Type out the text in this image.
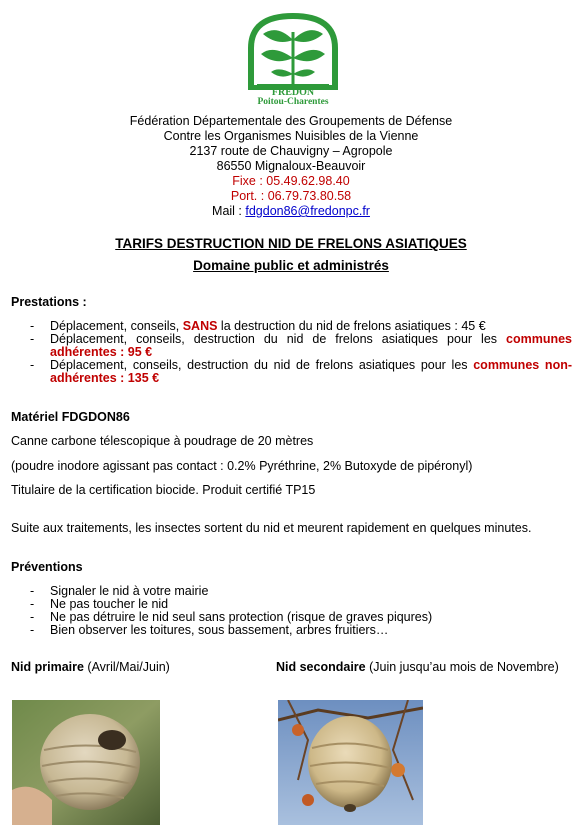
FREDON
Poitou-Charentes
Fédération Départementale des Groupements de Défense
Contre les Organismes Nuisibles de la Vienne
2137 route de Chauvigny – Agropole
86550 Mignaloux-Beauvoir
Fixe : 05.49.62.98.40
Port. : 06.79.73.80.58
Mail : fdgdon86@fredonpc.fr
TARIFS DESTRUCTION NID DE FRELONS ASIATIQUES
Domaine public et administrés
Prestations :
- Déplacement, conseils, SANS la destruction du nid de frelons asiatiques : 45 €
- Déplacement, conseils, destruction du nid de frelons asiatiques pour les communes adhérentes : 95 €
- Déplacement, conseils, destruction du nid de frelons asiatiques pour les communes non-adhérentes : 135 €
Matériel FDGDON86
Canne carbone télescopique à poudrage de 20 mètres
(poudre inodore agissant pas contact : 0.2% Pyréthrine, 2% Butoxyde de pipéronyl)
Titulaire de la certification biocide. Produit certifié TP15
Suite aux traitements, les insectes sortent du nid et meurent rapidement en quelques minutes.
Préventions
- Signaler le nid à votre mairie
- Ne pas toucher le nid
- Ne pas détruire le nid seul sans protection (risque de graves piqures)
- Bien observer les toitures, sous bassement, arbres fruitiers…
Nid primaire (Avril/Mai/Juin)	Nid secondaire (Juin jusqu’au mois de Novembre)
